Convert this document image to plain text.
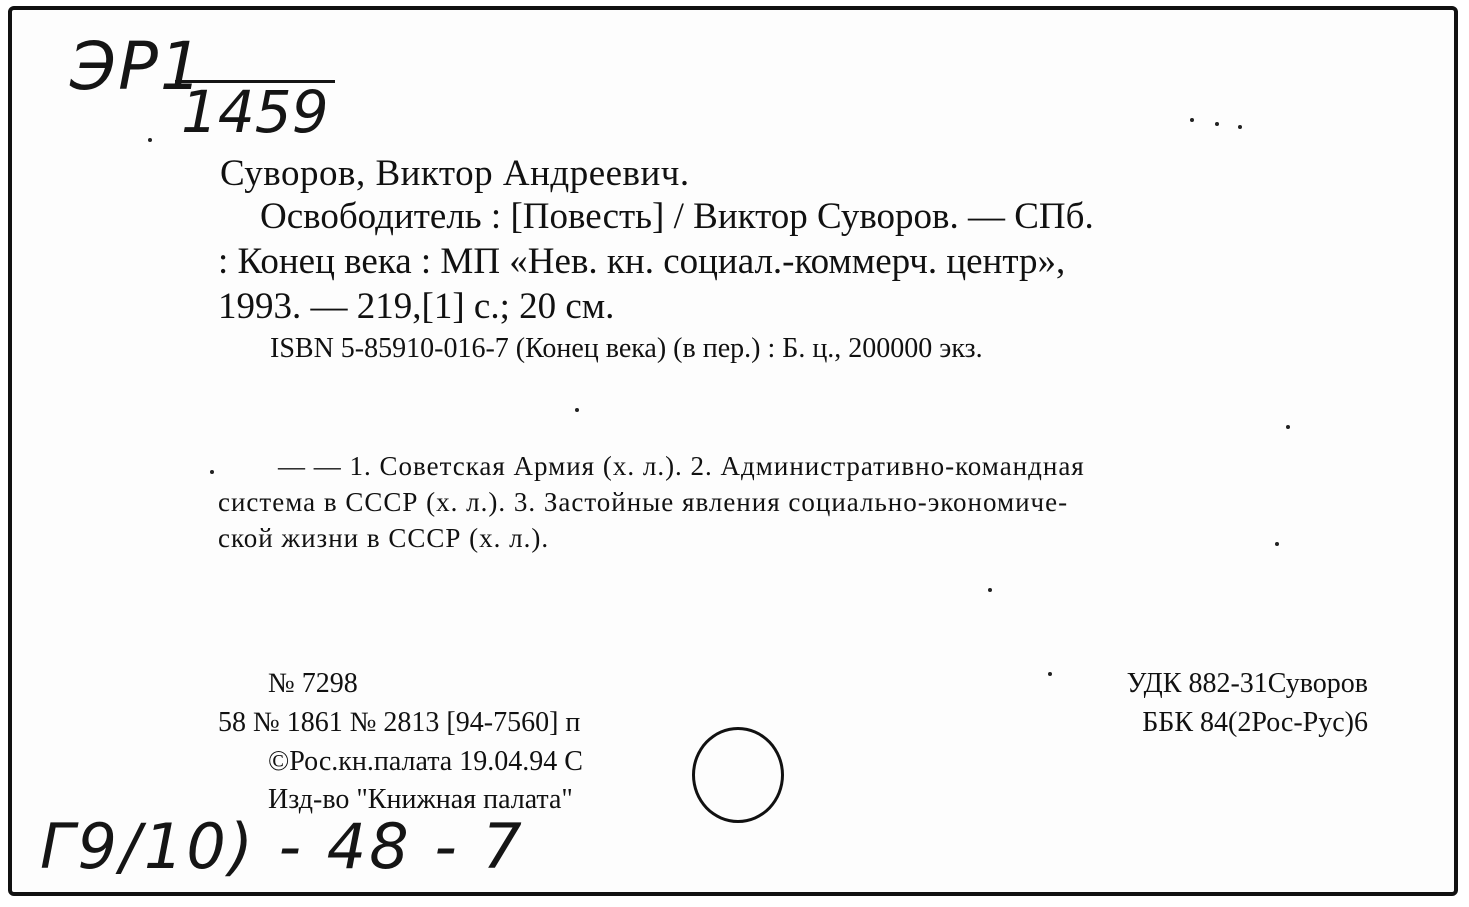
ЭР1
1459
Суворов, Виктор Андреевич.
Освободитель : [Повесть] / Виктор Суворов. — СПб.
: Конец века : МП «Нев. кн. социал.-коммерч. центр»,
1993. — 219,[1] с.; 20 см.
ISBN 5-85910-016-7 (Конец века) (в пер.) : Б. ц., 200000 экз.
— — 1. Советская Армия (х. л.). 2. Административно-командная
система в СССР (х. л.). 3. Застойные явления социально-экономиче-
ской жизни в СССР (х. л.).
№ 7298
58 № 1861 № 2813 [94-7560] п
©Рос.кн.палата 19.04.94 С
Изд-во "Книжная палата"
УДК 882-31Суворов
ББК 84(2Рос-Рус)6
Г9/10) - 48 - 7
